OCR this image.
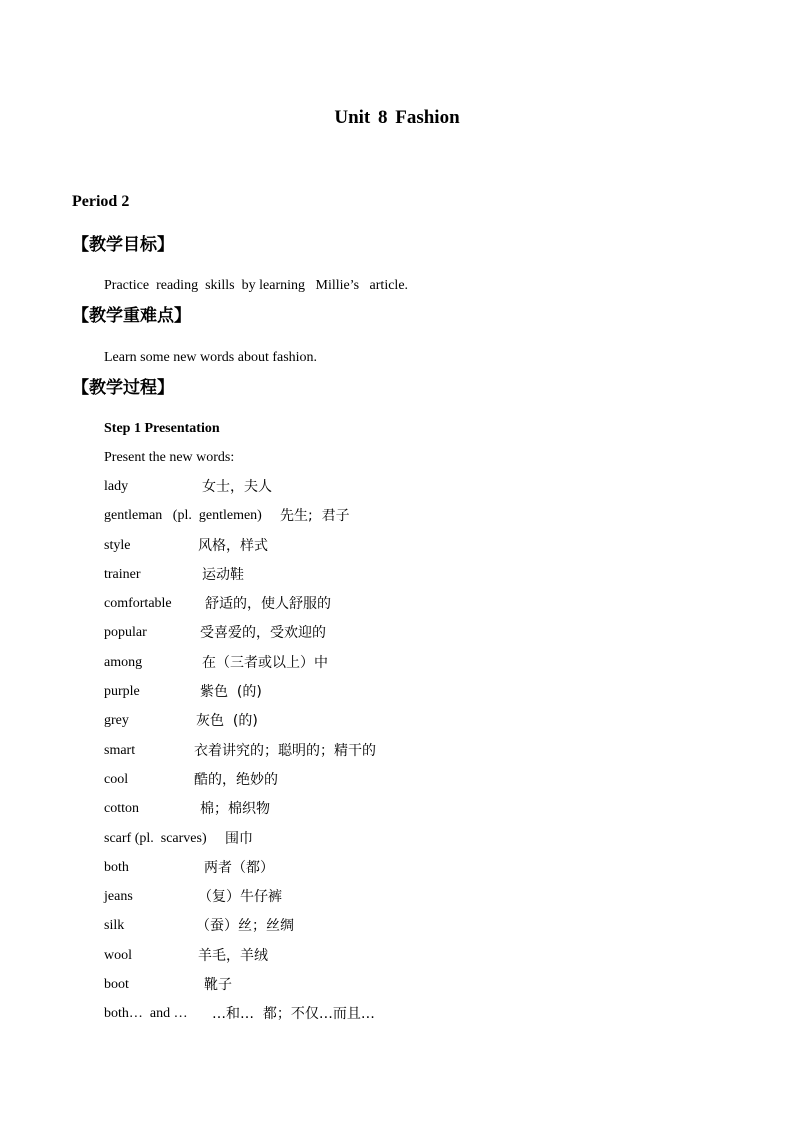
Unit 8 Fashion
Period 2
【教学目标】
Practice  reading  skills  by learning   Millie’s   article.
【教学重难点】
Learn some new words about fashion.
【教学过程】
Step 1 Presentation
Present the new words:
lady	女士，夫人
gentleman   (pl.  gentlemen) 先生;  君子
style	风格，样式
trainer	运动鞋
comfortable 舒适的，使人舒服的
popular	受喜爱的，受欢迎的
among	在（三者或以上）中
purple	紫色  (的)
grey	灰色  (的)
smart	衣着讲究的；聪明的；精干的
cool	酷的，绝妙的
cotton	棉；棉织物
scarf (pl.  scarves) 围巾
both	两者（都）
jeans	（复）牛仔裤
silk	（蚕）丝；丝绸
wool	羊毛，羊绒
boot	靴子
both…  and … …和…  都；不仅…而且…
